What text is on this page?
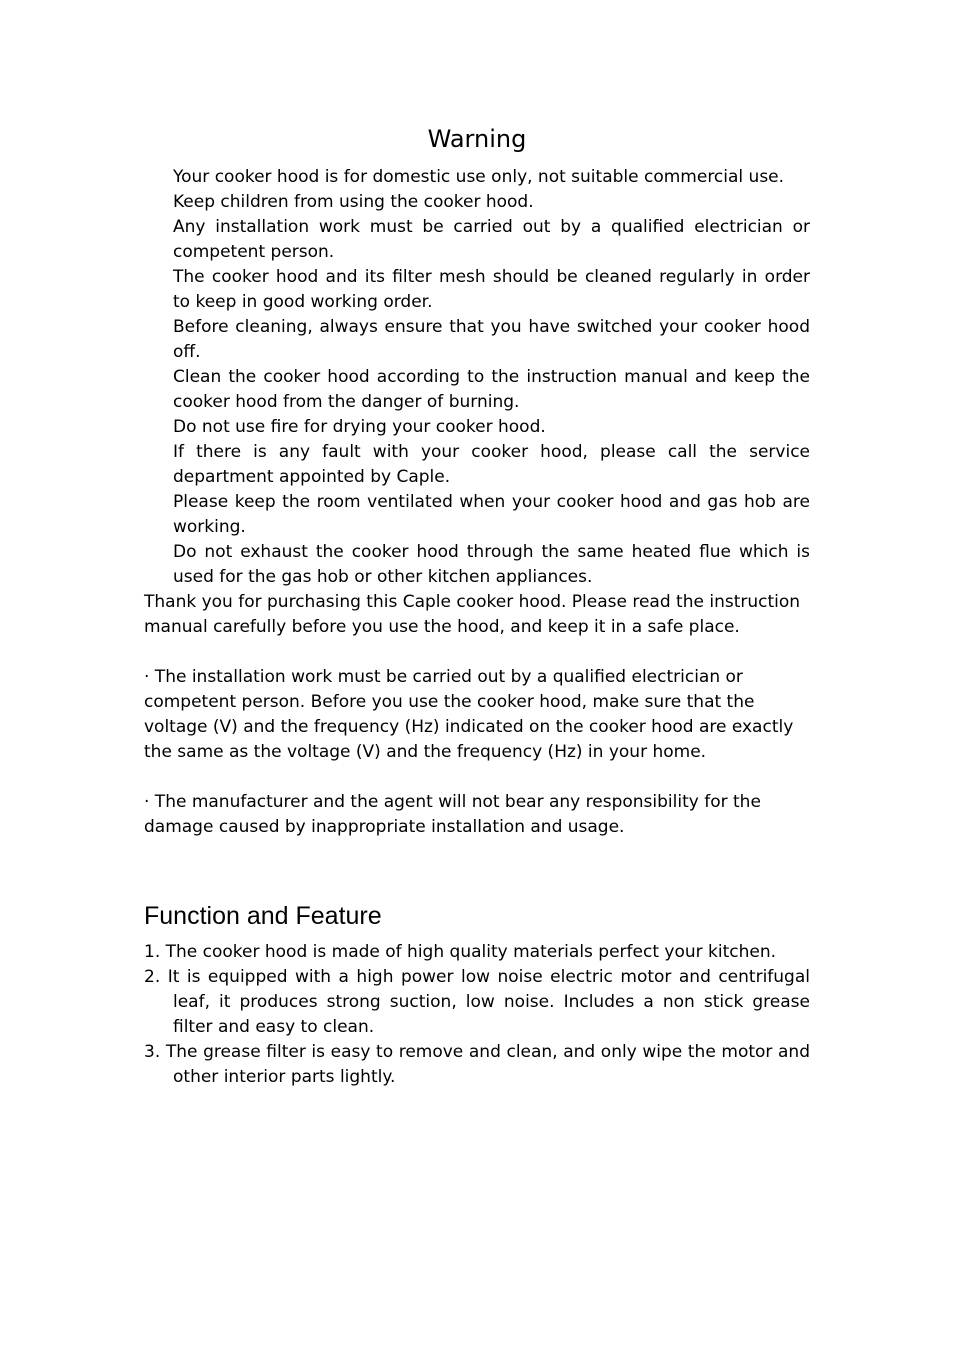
Warning
Your cooker hood is for domestic use only, not suitable commercial use.
Keep children from using the cooker hood.
Any installation work must be carried out by a qualified electrician or competent person.
The cooker hood and its filter mesh should be cleaned regularly in order to keep in good working order.
Before cleaning, always ensure that you have switched your cooker hood off.
Clean the cooker hood according to the instruction manual and keep the cooker hood from the danger of burning.
Do not use fire for drying your cooker hood.
If there is any fault with your cooker hood, please call the service department appointed by Caple.
Please keep the room ventilated when your cooker hood and gas hob are working.
Do not exhaust the cooker hood through the same heated flue which is used for the gas hob or other kitchen appliances.

Thank you for purchasing this Caple cooker hood. Please read the instruction manual carefully before you use the hood, and keep it in a safe place.

· The installation work must be carried out by a qualified electrician or competent person. Before you use the cooker hood, make sure that the voltage (V) and the frequency (Hz) indicated on the cooker hood are exactly the same as the voltage (V) and the frequency (Hz) in your home.

· The manufacturer and the agent will not bear any responsibility for the damage caused by inappropriate installation and usage.

Function and Feature
1. The cooker hood is made of high quality materials perfect your kitchen.
2. It is equipped with a high power low noise electric motor and centrifugal leaf, it produces strong suction, low noise. Includes a non stick grease filter and easy to clean.
3. The grease filter is easy to remove and clean, and only wipe the motor and other interior parts lightly.
